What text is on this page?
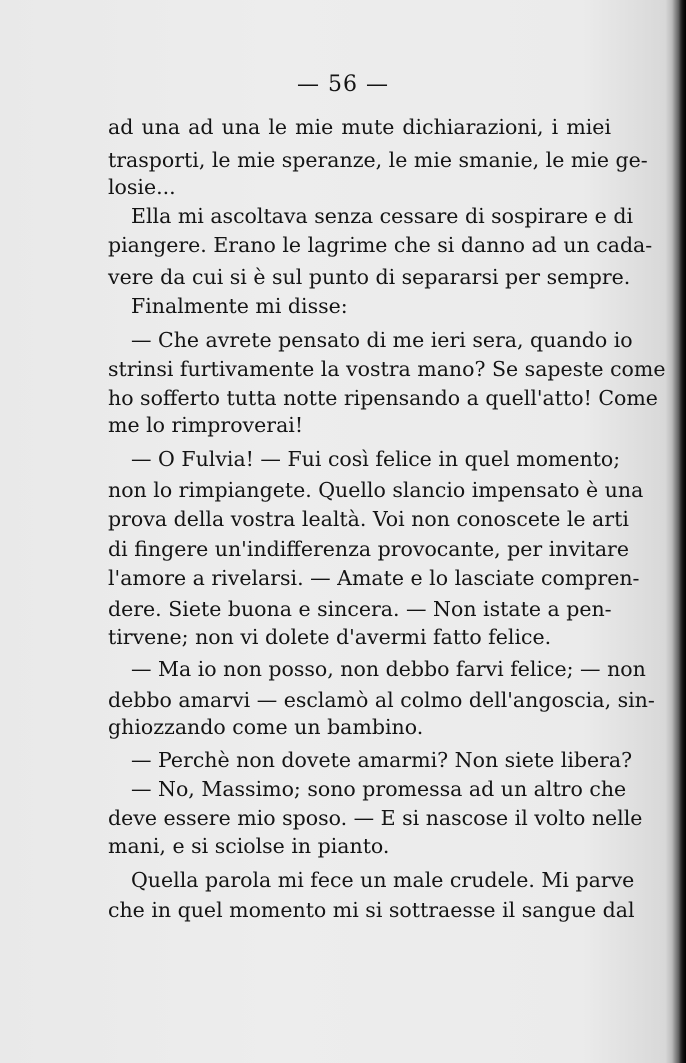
— 56 —

ad una ad una le mie mute dichiarazioni, i miei

trasporti, le mie speranze, le mie smanie, le mie ge-

losie...

Ella mi ascoltava senza cessare di sospirare e di

piangere. Erano le lagrime che si danno ad un cada-

vere da cui si è sul punto di separarsi per sempre.

Finalmente mi disse:

— Che avrete pensato di me ieri sera, quando io

strinsi furtivamente la vostra mano? Se sapeste come

ho sofferto tutta notte ripensando a quell'atto! Come

me lo rimproverai!

— O Fulvia! — Fui così felice in quel momento;

non lo rimpiangete. Quello slancio impensato è una

prova della vostra lealtà. Voi non conoscete le arti

di fingere un'indifferenza provocante, per invitare

l'amore a rivelarsi. — Amate e lo lasciate compren-

dere. Siete buona e sincera. — Non istate a pen-

tirvene; non vi dolete d'avermi fatto felice.

— Ma io non posso, non debbo farvi felice; — non

debbo amarvi — esclamò al colmo dell'angoscia, sin-

ghiozzando come un bambino.

— Perchè non dovete amarmi? Non siete libera?

— No, Massimo; sono promessa ad un altro che

deve essere mio sposo. — E si nascose il volto nelle

mani, e si sciolse in pianto.

Quella parola mi fece un male crudele. Mi parve

che in quel momento mi si sottraesse il sangue dal
